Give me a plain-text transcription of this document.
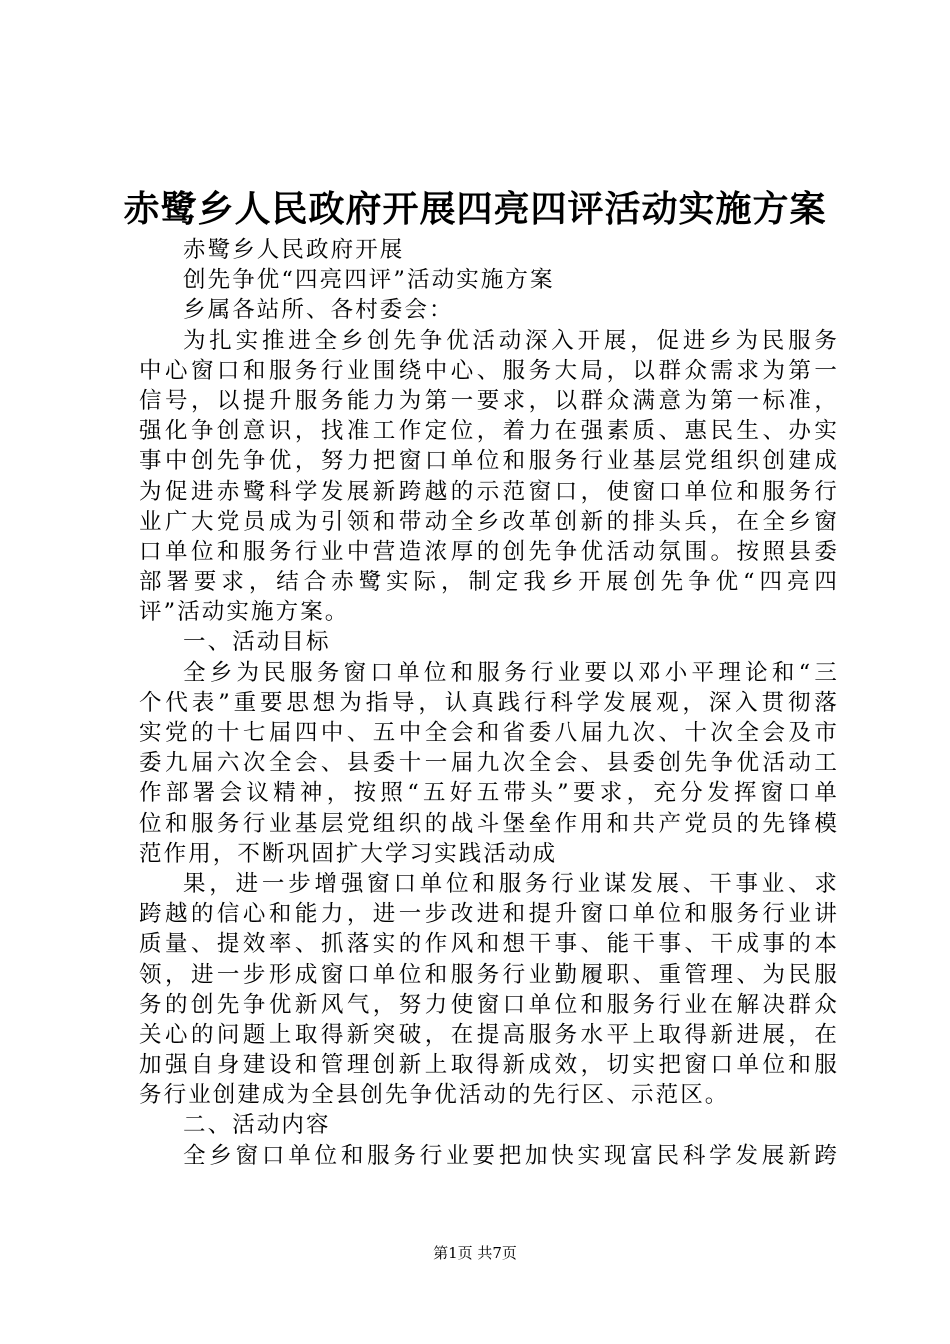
赤鹭乡人民政府开展四亮四评活动实施方案

赤鹭乡人民政府开展

创先争优“四亮四评”活动实施方案

乡属各站所、各村委会：

为扎实推进全乡创先争优活动深入开展，促进乡为民服务

中心窗口和服务行业围绕中心、服务大局，以群众需求为第一

信号，以提升服务能力为第一要求，以群众满意为第一标准，

强化争创意识，找准工作定位，着力在强素质、惠民生、办实

事中创先争优，努力把窗口单位和服务行业基层党组织创建成

为促进赤鹭科学发展新跨越的示范窗口，使窗口单位和服务行

业广大党员成为引领和带动全乡改革创新的排头兵，在全乡窗

口单位和服务行业中营造浓厚的创先争优活动氛围。按照县委

部署要求，结合赤鹭实际，制定我乡开展创先争优“四亮四

评”活动实施方案。

一、活动目标

全乡为民服务窗口单位和服务行业要以邓小平理论和“三

个代表”重要思想为指导，认真践行科学发展观，深入贯彻落

实党的十七届四中、五中全会和省委八届九次、十次全会及市

委九届六次全会、县委十一届九次全会、县委创先争优活动工

作部署会议精神，按照“五好五带头”要求，充分发挥窗口单

位和服务行业基层党组织的战斗堡垒作用和共产党员的先锋模

范作用，不断巩固扩大学习实践活动成

果，进一步增强窗口单位和服务行业谋发展、干事业、求

跨越的信心和能力，进一步改进和提升窗口单位和服务行业讲

质量、提效率、抓落实的作风和想干事、能干事、干成事的本

领，进一步形成窗口单位和服务行业勤履职、重管理、为民服

务的创先争优新风气，努力使窗口单位和服务行业在解决群众

关心的问题上取得新突破，在提高服务水平上取得新进展，在

加强自身建设和管理创新上取得新成效，切实把窗口单位和服

务行业创建成为全县创先争优活动的先行区、示范区。

二、活动内容

全乡窗口单位和服务行业要把加快实现富民科学发展新跨

第1页 共7页
